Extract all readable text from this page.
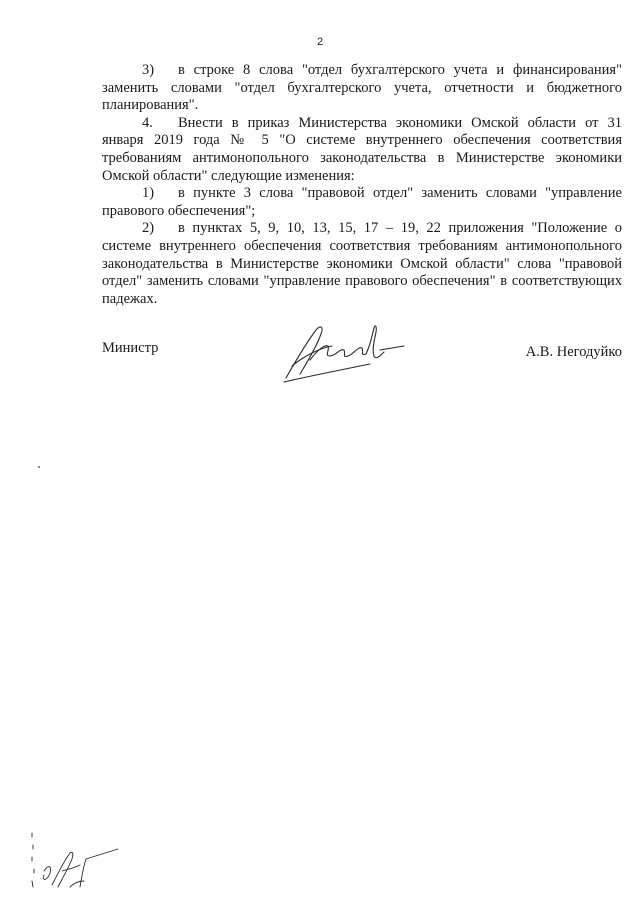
2

3) в строке 8 слова "отдел бухгалтерского учета и финансирования" заменить словами "отдел бухгалтерского учета, отчетности и бюджетного планирования".

4. Внести в приказ Министерства экономики Омской области от 31 января 2019 года № 5 "О системе внутреннего обеспечения соответствия требованиям антимонопольного законодательства в Министерстве экономики Омской области" следующие изменения:

1) в пункте 3 слова "правовой отдел" заменить словами "управление правового обеспечения";

2) в пунктах 5, 9, 10, 13, 15, 17 – 19, 22 приложения "Положение о системе внутреннего обеспечения соответствия требованиям антимонопольного законодательства в Министерстве экономики Омской области" слова "правовой отдел" заменить словами "управление правового обеспечения" в соответствующих падежах.

Министр	А.В. Негодуйко
